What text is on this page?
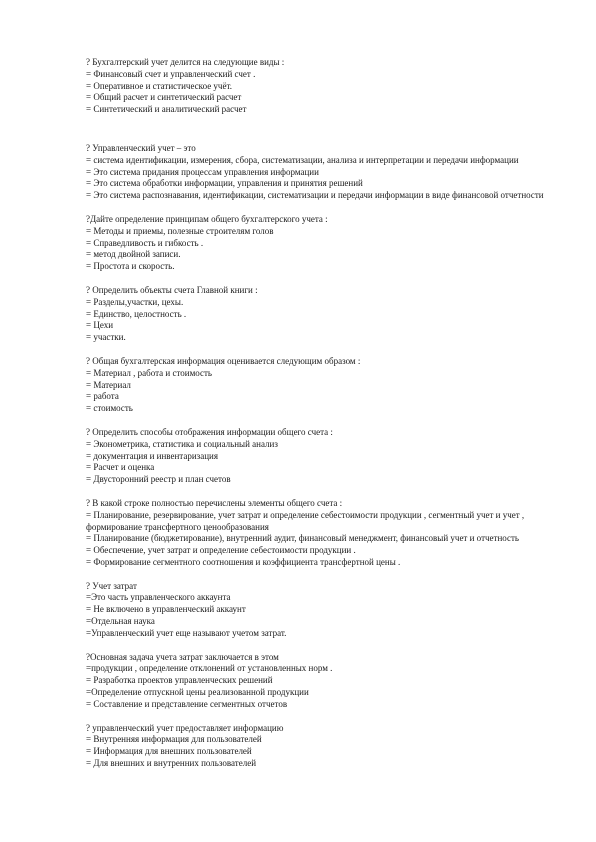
? Бухгалтерский учет делится на следующие виды :
= Финансовый счет и управленческий счет .
= Оперативное и статистическое учёт.
= Общий расчет и синтетический расчет
= Синтетический и аналитический расчет
? Управленческий учет – это
= система идентификации, измерения, сбора, систематизации, анализа и интерпретации и передачи информации
= Это система придания процессам управления информации
= Это система обработки информации, управления и принятия решений
= Это система распознавания, идентификации, систематизации и передачи информации в виде финансовой отчетности
?Дайте определение принципам общего бухгалтерского учета :
= Методы и приемы, полезные строителям голов
= Справедливость и гибкость .
= метод двойной записи.
= Простота и скорость.
? Определить объекты счета Главной книги :
= Разделы,участки, цехы.
= Единство, целостность .
= Цехи
= участки.
? Общая бухгалтерская информация оценивается следующим образом :
= Материал , работа и стоимость
= Материал
= работа
= стоимость
? Определить способы отображения информации общего счета :
= Эконометрика, статистика и социальный анализ
= документация и инвентаризация
= Расчет и оценка
= Двусторонний реестр и план счетов
? В какой строке полностью перечислены элементы общего счета :
= Планирование, резервирование, учет затрат и определение себестоимости продукции , сегментный учет и учет , формирование трансфертного ценообразования
= Планирование (бюджетирование), внутренний аудит, финансовый менеджмент, финансовый учет и отчетность
= Обеспечение, учет затрат и определение себестоимости продукции .
= Формирование сегментного соотношения и коэффициента трансфертной цены .
? Учет затрат
=Это часть управленческого аккаунта
= Не включено в управленческий аккаунт
=Отдельная наука
=Управленческий учет еще называют учетом затрат.
?Основная задача учета затрат заключается в этом
=продукции , определение отклонений от установленных норм .
= Разработка проектов управленческих решений
=Определение отпускной цены реализованной продукции
= Составление и представление сегментных отчетов
? управленческий учет предоставляет информацию
= Внутренняя информация для пользователей
= Информация для внешних пользователей
= Для внешних и внутренних пользователей
